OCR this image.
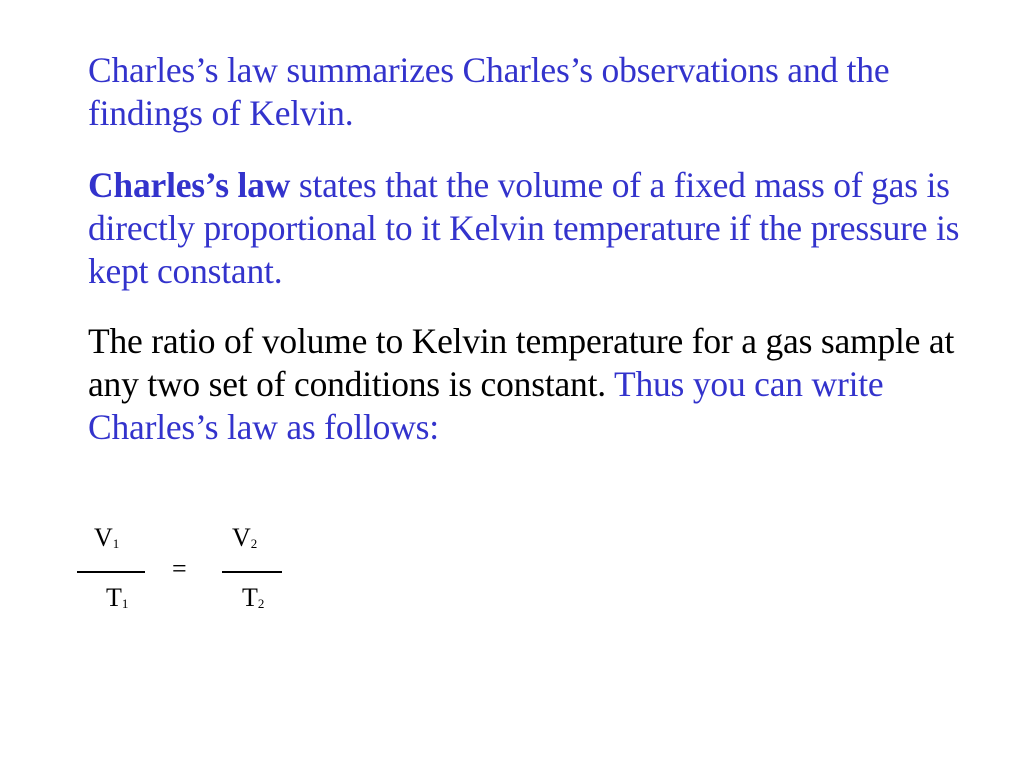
Charles’s law summarizes Charles’s observations and the findings of Kelvin.

Charles’s law states that the volume of a fixed mass of gas is directly proportional to it Kelvin temperature if the pressure is kept constant.

The ratio of volume to Kelvin temperature for a gas sample at any two set of conditions is constant. Thus you can write Charles’s law as follows:

$V_1$
$T_1$
=
$V_2$
$T_2$
